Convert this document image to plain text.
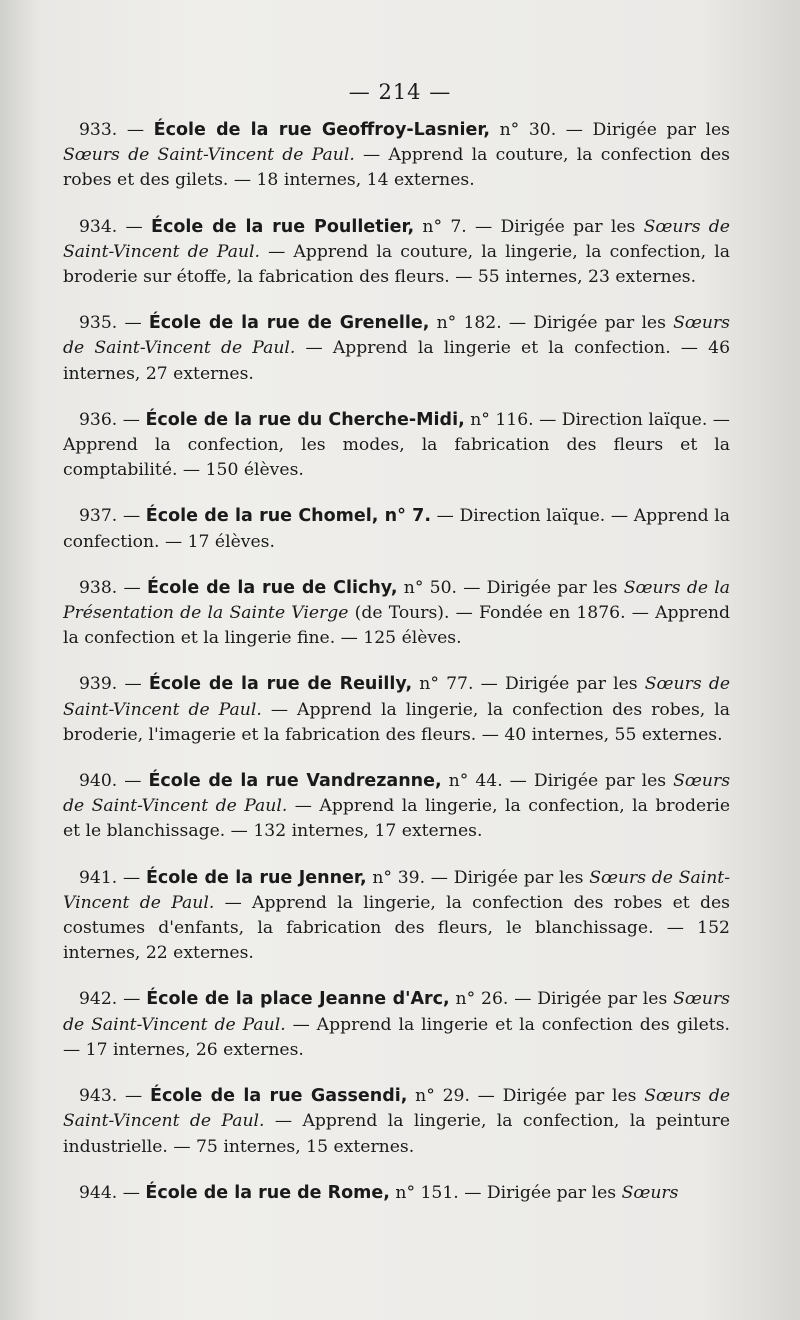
— 214 —

933. — École de la rue Geoffroy-Lasnier, n° 30. — Dirigée par les Sœurs de Saint-Vincent de Paul. — Apprend la couture, la confection des robes et des gilets. — 18 internes, 14 externes.

934. — École de la rue Poulletier, n° 7. — Dirigée par les Sœurs de Saint-Vincent de Paul. — Apprend la couture, la lingerie, la confection, la broderie sur étoffe, la fabrication des fleurs. — 55 internes, 23 externes.

935. — École de la rue de Grenelle, n° 182. — Dirigée par les Sœurs de Saint-Vincent de Paul. — Apprend la lingerie et la confection. — 46 internes, 27 externes.

936. — École de la rue du Cherche-Midi, n° 116. — Direction laïque. — Apprend la confection, les modes, la fabrication des fleurs et la comptabilité. — 150 élèves.

937. — École de la rue Chomel, n° 7. — Direction laïque. — Apprend la confection. — 17 élèves.

938. — École de la rue de Clichy, n° 50. — Dirigée par les Sœurs de la Présentation de la Sainte Vierge (de Tours). — Fondée en 1876. — Apprend la confection et la lingerie fine. — 125 élèves.

939. — École de la rue de Reuilly, n° 77. — Dirigée par les Sœurs de Saint-Vincent de Paul. — Apprend la lingerie, la confection des robes, la broderie, l'imagerie et la fabrication des fleurs. — 40 internes, 55 externes.

940. — École de la rue Vandrezanne, n° 44. — Dirigée par les Sœurs de Saint-Vincent de Paul. — Apprend la lingerie, la confection, la broderie et le blanchissage. — 132 internes, 17 externes.

941. — École de la rue Jenner, n° 39. — Dirigée par les Sœurs de Saint-Vincent de Paul. — Apprend la lingerie, la confection des robes et des costumes d'enfants, la fabrication des fleurs, le blanchissage. — 152 internes, 22 externes.

942. — École de la place Jeanne d'Arc, n° 26. — Dirigée par les Sœurs de Saint-Vincent de Paul. — Apprend la lingerie et la confection des gilets. — 17 internes, 26 externes.

943. — École de la rue Gassendi, n° 29. — Dirigée par les Sœurs de Saint-Vincent de Paul. — Apprend la lingerie, la confection, la peinture industrielle. — 75 internes, 15 externes.

944. — École de la rue de Rome, n° 151. — Dirigée par les Sœurs
